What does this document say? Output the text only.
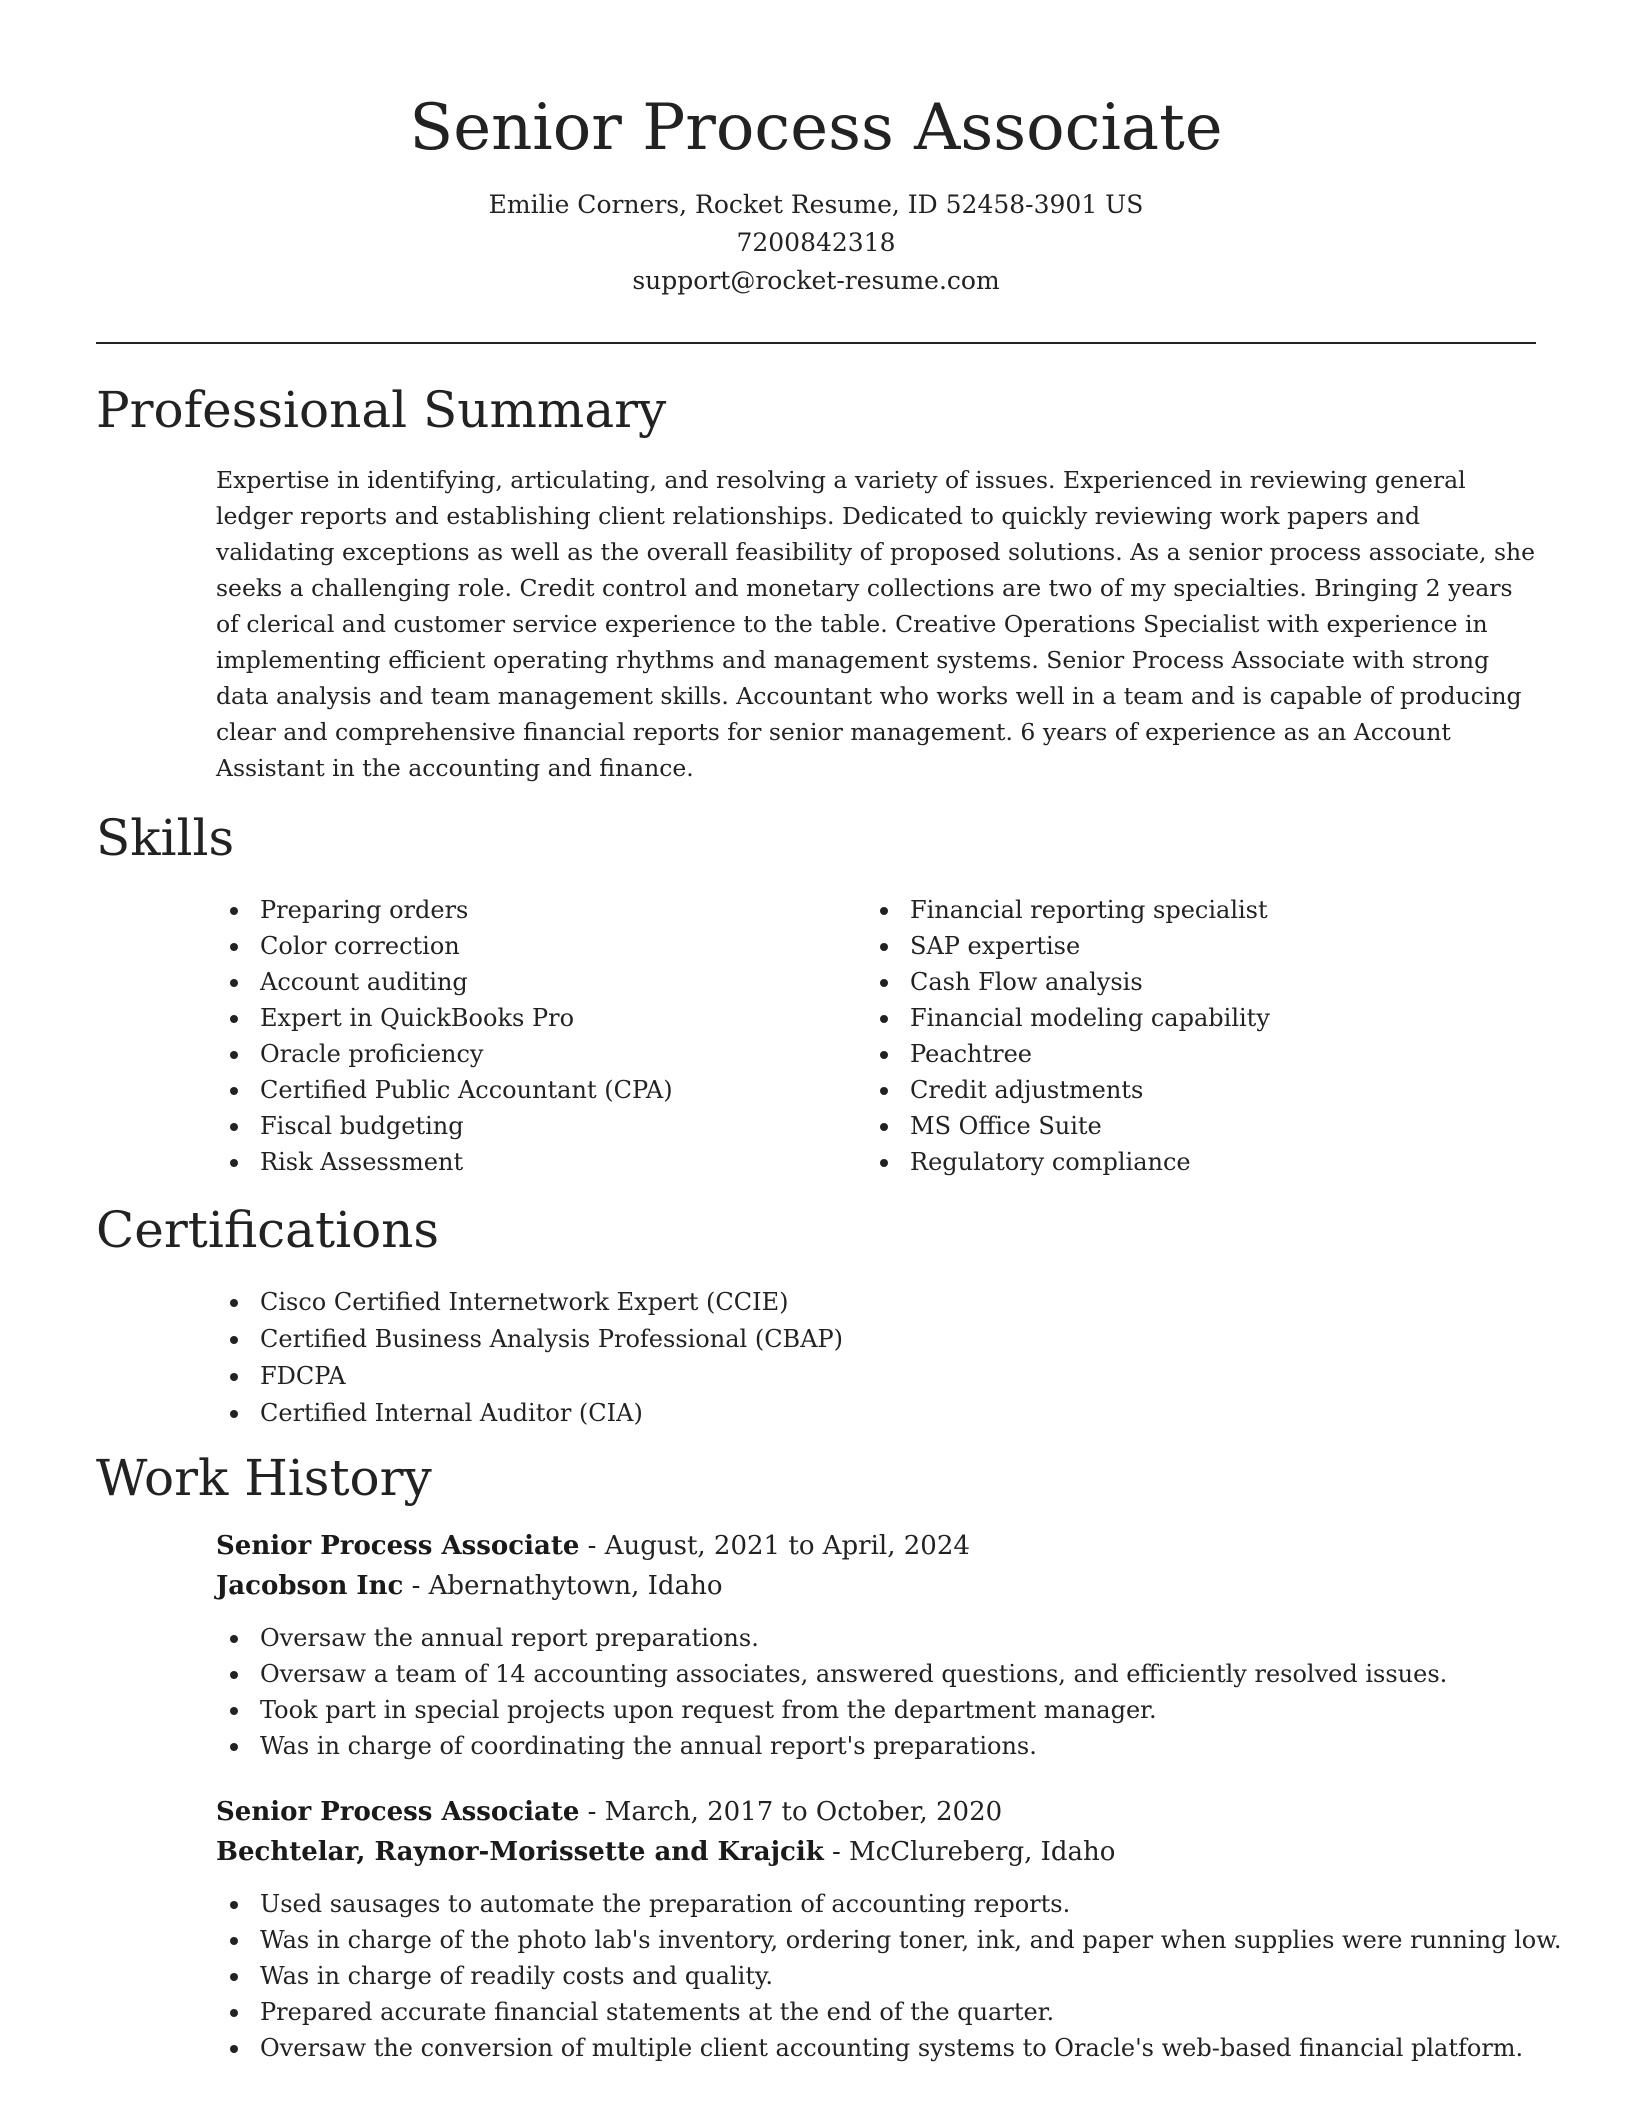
Senior Process Associate
Emilie Corners, Rocket Resume, ID 52458-3901 US
7200842318
support@rocket-resume.com
Professional Summary

Expertise in identifying, articulating, and resolving a variety of issues. Experienced in reviewing general ledger reports and establishing client relationships. Dedicated to quickly reviewing work papers and validating exceptions as well as the overall feasibility of proposed solutions. As a senior process associate, she seeks a challenging role. Credit control and monetary collections are two of my specialties. Bringing 2 years of clerical and customer service experience to the table. Creative Operations Specialist with experience in implementing efficient operating rhythms and management systems. Senior Process Associate with strong data analysis and team management skills. Accountant who works well in a team and is capable of producing clear and comprehensive financial reports for senior management. 6 years of experience as an Account Assistant in the accounting and finance.

Skills
Preparing orders
Color correction
Account auditing
Expert in QuickBooks Pro
Oracle proficiency
Certified Public Accountant (CPA)
Fiscal budgeting
Risk Assessment
Financial reporting specialist
SAP expertise
Cash Flow analysis
Financial modeling capability
Peachtree
Credit adjustments
MS Office Suite
Regulatory compliance
Certifications
Cisco Certified Internetwork Expert (CCIE)
Certified Business Analysis Professional (CBAP)
FDCPA
Certified Internal Auditor (CIA)
Work History
Senior Process Associate - August, 2021 to April, 2024
Jacobson Inc - Abernathytown, Idaho
Oversaw the annual report preparations.
Oversaw a team of 14 accounting associates, answered questions, and efficiently resolved issues.
Took part in special projects upon request from the department manager.
Was in charge of coordinating the annual report's preparations.
Senior Process Associate - March, 2017 to October, 2020
Bechtelar, Raynor-Morissette and Krajcik - McClureberg, Idaho
Used sausages to automate the preparation of accounting reports.
Was in charge of the photo lab's inventory, ordering toner, ink, and paper when supplies were running low.
Was in charge of readily costs and quality.
Prepared accurate financial statements at the end of the quarter.
Oversaw the conversion of multiple client accounting systems to Oracle's web-based financial platform.
